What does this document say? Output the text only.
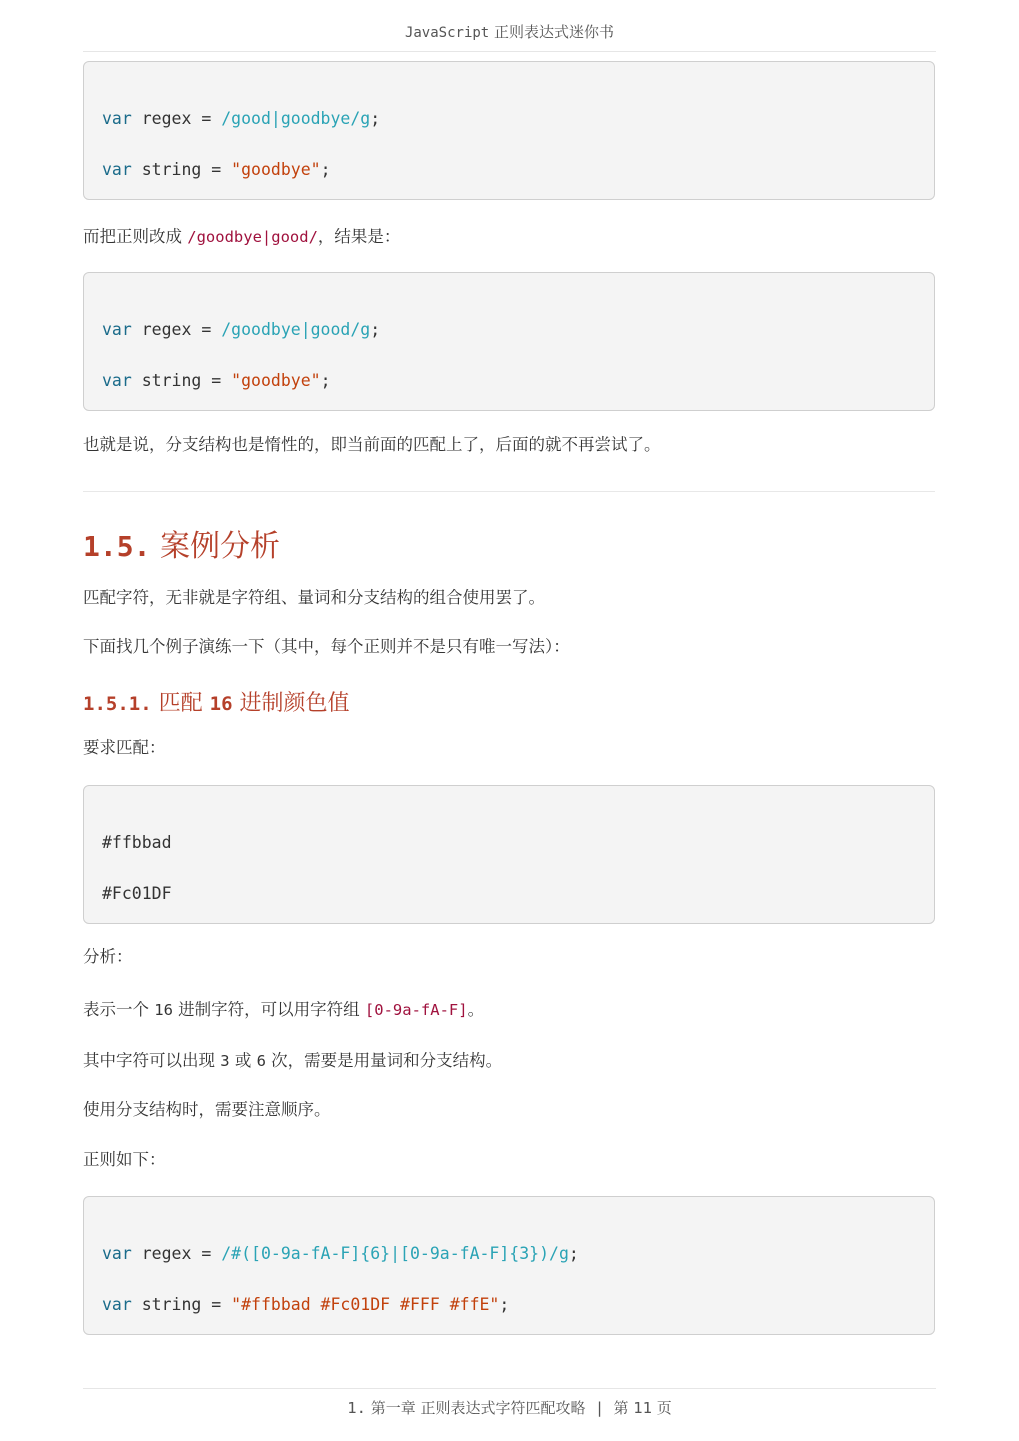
JavaScript 正则表达式迷你书

var regex = /good|goodbye/g;

var string = "goodbye";

而把正则改成 /goodbye|good/，结果是：

var regex = /goodbye|good/g;

var string = "goodbye";

也就是说，分支结构也是惰性的，即当前面的匹配上了，后面的就不再尝试了。

1.5. 案例分析

匹配字符，无非就是字符组、量词和分支结构的组合使用罢了。

下面找几个例子演练一下（其中，每个正则并不是只有唯一写法）：

1.5.1. 匹配 16 进制颜色值

要求匹配：

#ffbbad

#Fc01DF

分析：

表示一个 16 进制字符，可以用字符组 [0-9a-fA-F]。

其中字符可以出现 3 或 6 次，需要是用量词和分支结构。

使用分支结构时，需要注意顺序。

正则如下：

var regex = /#([0-9a-fA-F]{6}|[0-9a-fA-F]{3})/g;

var string = "#ffbbad #Fc01DF #FFF #ffE";

1. 第一章 正则表达式字符匹配攻略 | 第 11 页
